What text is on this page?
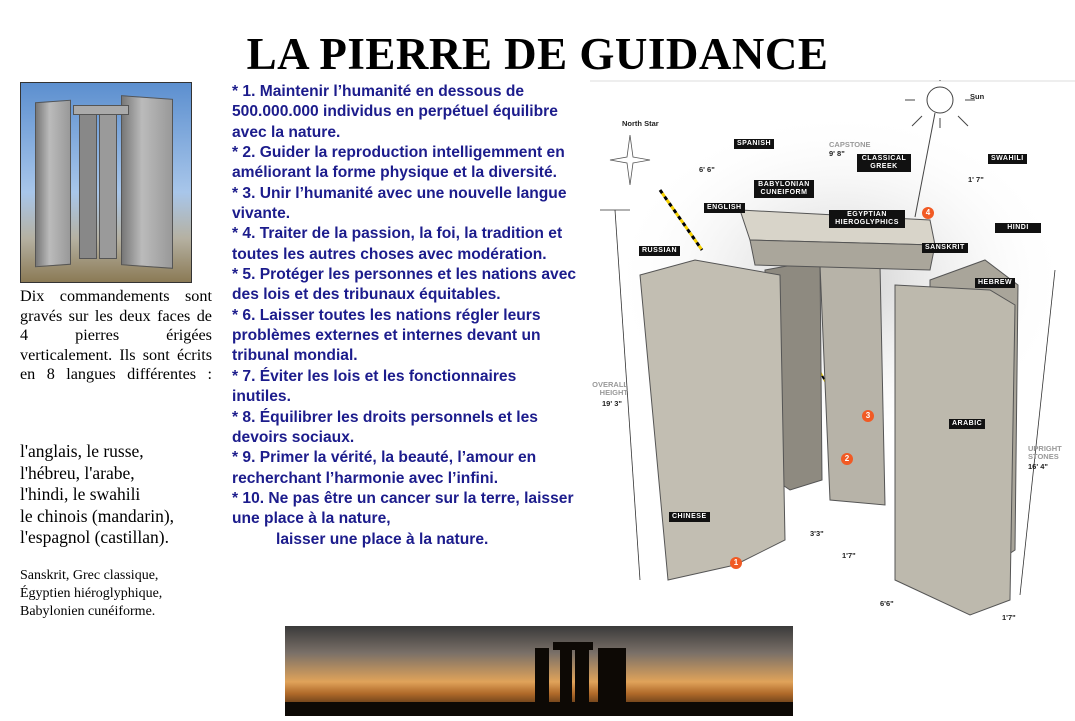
LA PIERRE DE GUIDANCE
Dix commandements sont gravés sur les deux faces de 4 pierres érigées verticalement. Ils sont écrits en 8 langues différentes :
l'anglais, le russe,
l'hébreu, l'arabe,
l'hindi, le swahili
le chinois (mandarin),
l'espagnol (castillan).
Sanskrit, Grec classique,
Égyptien hiéroglyphique,
Babylonien cunéiforme.
* 1. Maintenir l’humanité en dessous de 500.000.000 individus en perpétuel équilibre avec la nature.
* 2. Guider la reproduction intelligemment en améliorant la forme physique et la diversité.
* 3. Unir l’humanité avec une nouvelle langue vivante.
* 4. Traiter de la passion, la foi, la tradition et toutes les autres choses avec modération.
* 5. Protéger les personnes et les nations avec des lois et des tribunaux équitables.
* 6. Laisser toutes les nations régler leurs problèmes externes et internes devant un tribunal mondial.
* 7. Éviter les lois et les fonctionnaires inutiles.
* 8. Équilibrer les droits personnels et les devoirs sociaux.
* 9. Primer la vérité, la beauté, l’amour en recherchant l’harmonie avec l’infini.
* 10. Ne pas être un cancer sur la terre, laisser une place à la nature,
laisser une place à la nature.
North Star
Sun
SPANISH
CLASSICAL GREEK
SWAHILI
BABYLONIAN CUNEIFORM
ENGLISH
EGYPTIAN HIEROGLYPHICS
HINDI
SANSKRIT
RUSSIAN
HEBREW
ARABIC
CHINESE
CAPSTONE
9' 8"
6' 6"
1' 7"
OVERALL HEIGHT
19' 3"
UPRIGHT STONES
16' 4"
3'3"
1'7"
6'6"
1'7"
1
2
3
4
